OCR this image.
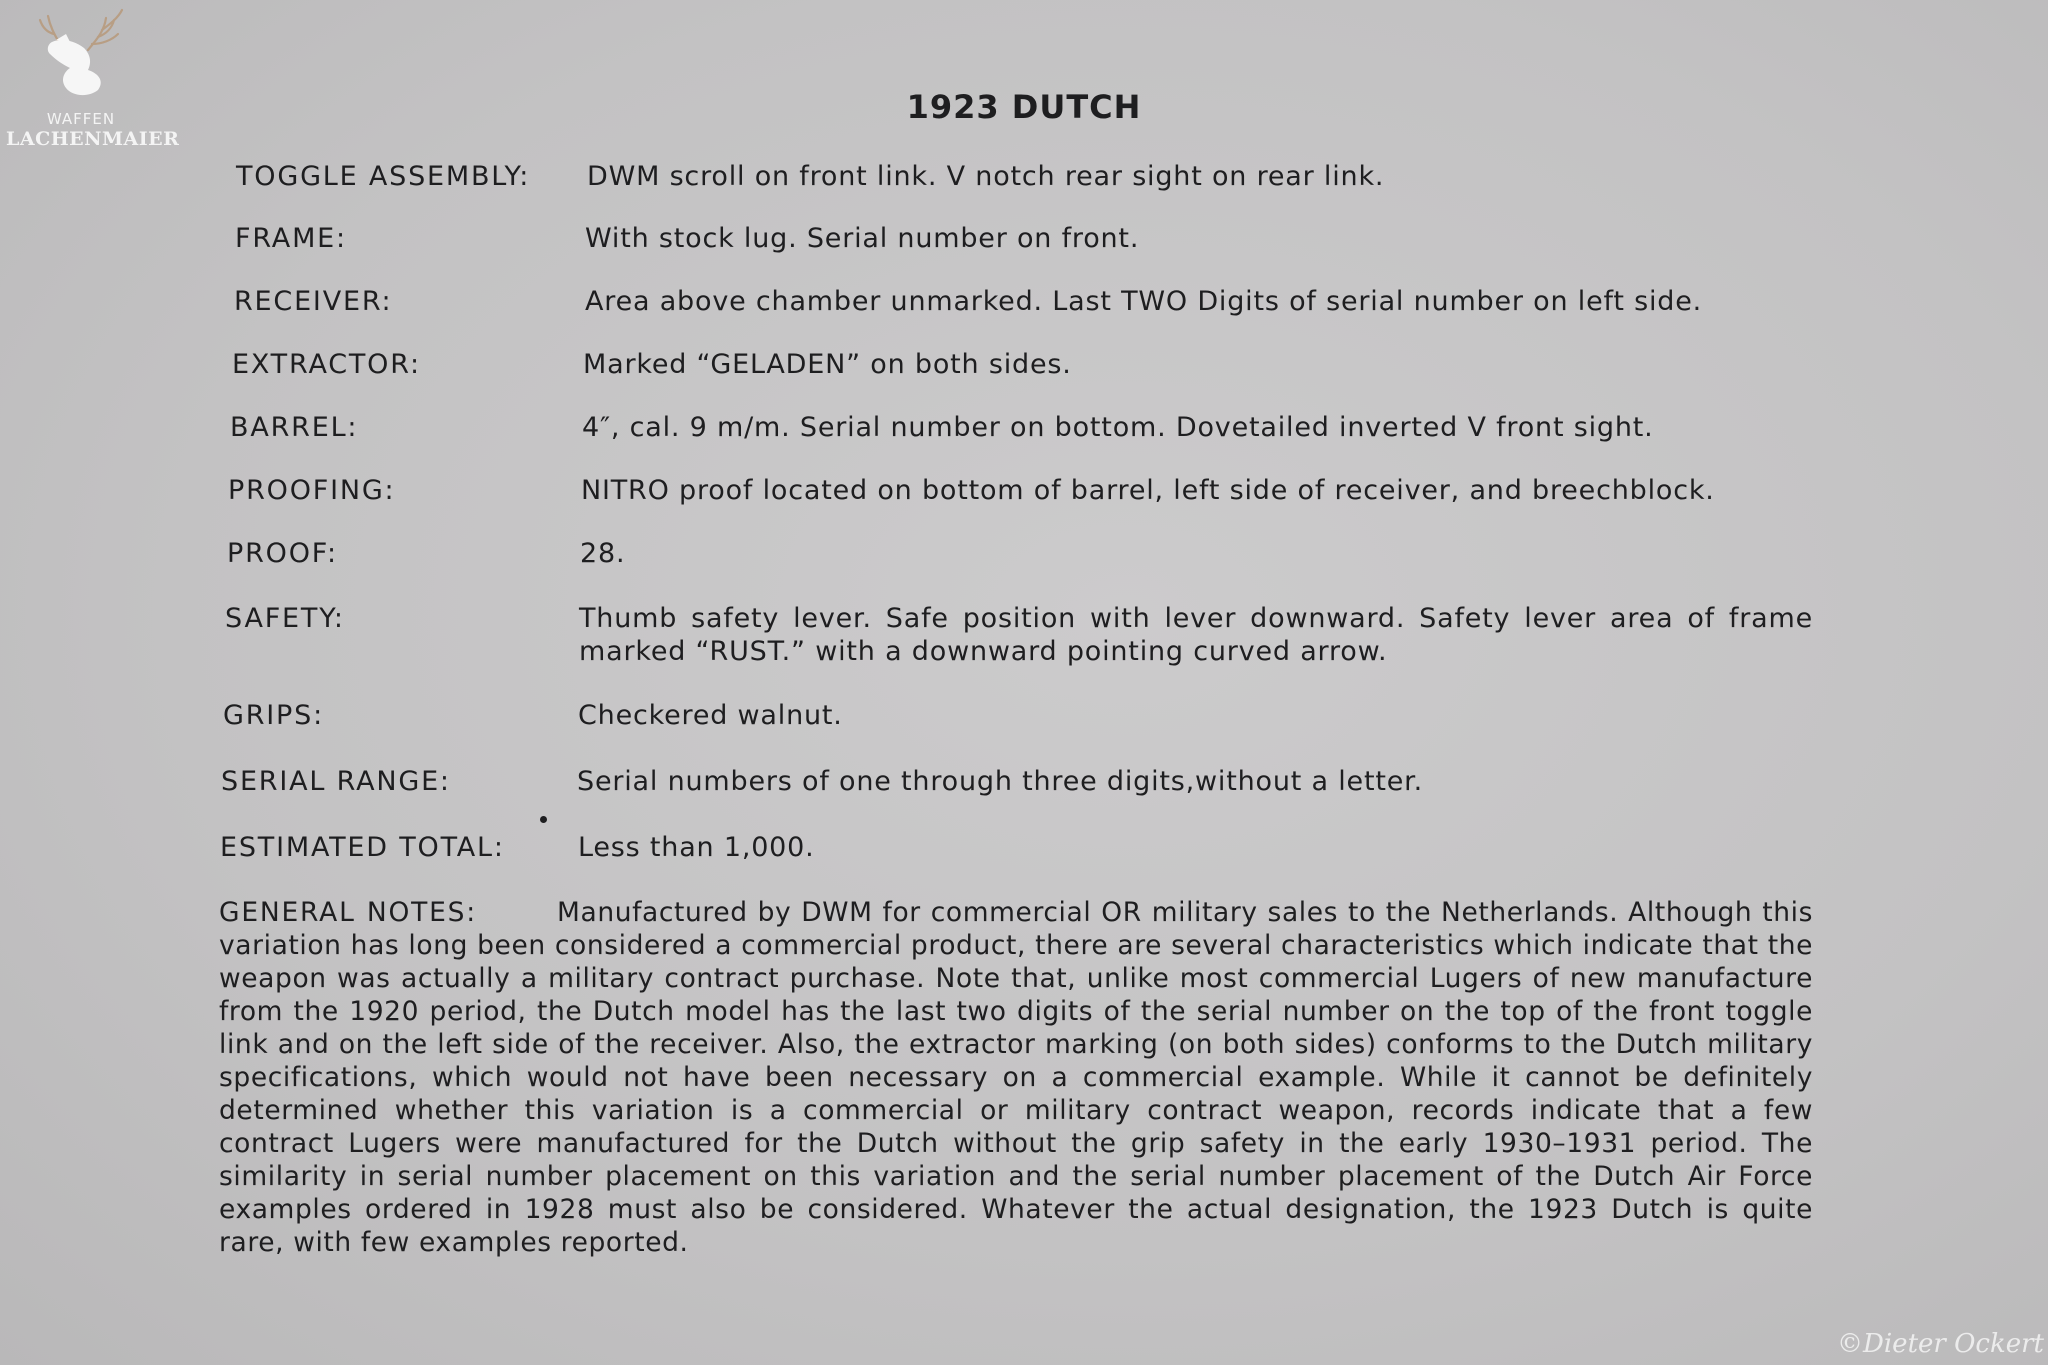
WAFFEN
LACHENMAIER
1923 DUTCH
TOGGLE ASSEMBLY: DWM scroll on front link. V notch rear sight on rear link.
FRAME:	With stock lug. Serial number on front.
RECEIVER:	Area above chamber unmarked. Last TWO Digits of serial number on left side.
EXTRACTOR:	Marked “GELADEN” on both sides.
BARREL:	4″, cal. 9 m/m. Serial number on bottom. Dovetailed inverted V front sight.
PROOFING:	NITRO proof located on bottom of barrel, left side of receiver, and breechblock.
PROOF:	28.
SAFETY:	Thumb safety lever. Safe position with lever downward. Safety lever area of frame marked “RUST.” with a downward pointing curved arrow.
GRIPS:	Checkered walnut.
SERIAL RANGE:	Serial numbers of one through three digits,without a letter.
ESTIMATED TOTAL:	Less than 1,000.
GENERAL NOTES:	Manufactured by DWM for commercial OR military sales to the Netherlands. Although this variation has long been considered a commercial product, there are several characteristics which indicate that the weapon was actually a military contract purchase. Note that, unlike most commercial Lugers of new manufacture from the 1920 period, the Dutch model has the last two digits of the serial number on the top of the front toggle link and on the left side of the receiver. Also, the extractor marking (on both sides) conforms to the Dutch military specifications, which would not have been necessary on a commercial example. While it cannot be definitely determined whether this variation is a commercial or military contract weapon, records indicate that a few contract Lugers were manufactured for the Dutch without the grip safety in the early 1930–1931 period. The similarity in serial number placement on this variation and the serial number placement of the Dutch Air Force examples ordered in 1928 must also be considered. Whatever the actual designation, the 1923 Dutch is quite rare, with few examples reported.
©Dieter Ockert
